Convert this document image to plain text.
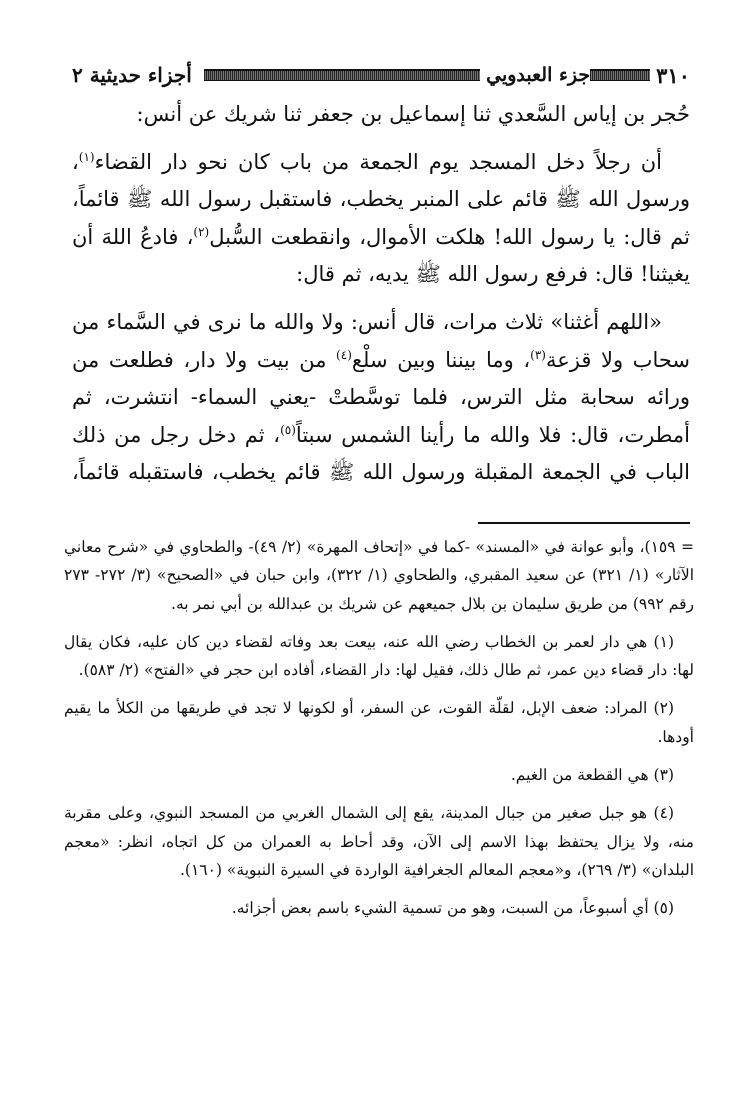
٣١٠
جزء العبدويي
أجزاء حديثية ٢

حُجر بن إياس السَّعدي ثنا إسماعيل بن جعفر ثنا شريك عن أنس:

أن رجلاً دخل المسجد يوم الجمعة من باب كان نحو دار القضاء$^{(١)}$، ورسول الله ﷺ قائم على المنبر يخطب، فاستقبل رسول الله ﷺ قائماً، ثم قال: يا رسول الله! هلكت الأموال، وانقطعت السُّبل$^{(٢)}$، فادعُ اللهَ أن يغيثنا! قال: فرفع رسول الله ﷺ يديه، ثم قال:

«اللهم أغثنا» ثلاث مرات، قال أنس: ولا والله ما نرى في السَّماء من سحاب ولا قزعة$^{(٣)}$، وما بيننا وبين سلْع$^{(٤)}$ من بيت ولا دار، فطلعت من ورائه سحابة مثل الترس، فلما توسَّطتْ -يعني السماء- انتشرت، ثم أمطرت، قال: فلا والله ما رأينا الشمس سبتاً$^{(٥)}$، ثم دخل رجل من ذلك الباب في الجمعة المقبلة ورسول الله ﷺ قائم يخطب، فاستقبله قائماً،

= ١٥٩)، وأبو عوانة في «المسند» -كما في «إتحاف المهرة» (٢/ ٤٩)- والطحاوي في «شرح معاني الآثار» (١/ ٣٢١) عن سعيد المقبري، والطحاوي (١/ ٣٢٢)، وابن حبان في «الصحيح» (٣/ ٢٧٢- ٢٧٣ رقم ٩٩٢) من طريق سليمان بن بلال جميعهم عن شريك بن عبدالله بن أبي نمر به.

(١) هي دار لعمر بن الخطاب رضي الله عنه، بيعت بعد وفاته لقضاء دين كان عليه، فكان يقال لها: دار قضاء دين عمر، ثم طال ذلك، فقيل لها: دار القضاء، أفاده ابن حجر في «الفتح» (٢/ ٥٨٣).

(٢) المراد: ضعف الإبل، لقلّة القوت، عن السفر، أو لكونها لا تجد في طريقها من الكلأ ما يقيم أودها.

(٣) هي القطعة من الغيم.

(٤) هو جبل صغير من جبال المدينة، يقع إلى الشمال الغربي من المسجد النبوي، وعلى مقربة منه، ولا يزال يحتفظ بهذا الاسم إلى الآن، وقد أحاط به العمران من كل اتجاه، انظر: «معجم البلدان» (٣/ ٢٦٩)، و«معجم المعالم الجغرافية الواردة في السيرة النبوية» (١٦٠).

(٥) أي أسبوعاً، من السبت، وهو من تسمية الشيء باسم بعض أجزائه.
